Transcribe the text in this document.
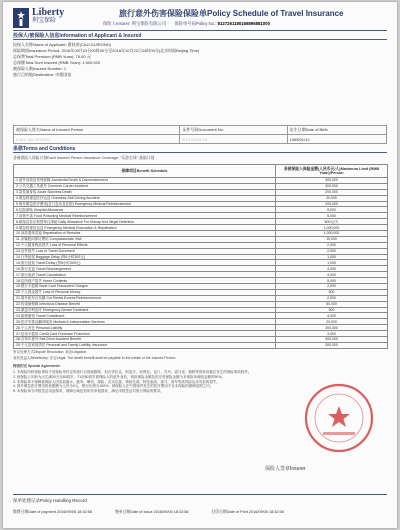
Liberty
利宝保险
旅行意外伤害保险保险单Policy Schedule of Travel Insurance
保险人Insurer: 利宝保险有限公司 保险单号码Policy No.: 8127261180168895881000
投保人/被保险人信息Information of Applicant & Insured
投保人名称Name of Applicant: 曹桂荣(CAO,GUIRONG)
保险期间Insurance Period: 2016年09月23日00时00分至2016年10月22日24时00分(北京时间Beijing Time)
总保费Total Premium (RMB Yuan): 76.00 元
总保额Total Sum Insured (RMB Yuan): 1,500,000
被保险人数Insured Number: 1
旅行目的地Destination: 申根国家
被保险人姓名Name of Insured Person	证件号码Document No.	出生日期Date of Birth
CAO GUIRONG	E12345678	1965/01/12
条款Terms and Conditions
各被保险人保险计划Each Insured Person Insurance Coverage: "乐游全球"-基础计划
保障项目Benefit Schedule	各被保险人保险金额(人民币元/人)Maximum Limit (RMB Yuan)/Person
1.意外身故及伤残保障 Accidental Death & Dismemberment	300,000
2.公共交通工具意外 Common Carrier Accident	300,000
3.急性病身故 Acute Sickness Death	200,000
4.紧急救援及医疗运送 Overseas Self-Driving Accident	20,000
5.境外紧急医疗费用(含门急诊及住院) Emergency Medical Reimbursement	200,000
6.住院津贴 Hospital Allowance	5,000
7.食物中毒 Food Poisoning Medical Reimbursement	5,000
8.绑架及非法拘禁每日津贴 Daily Allowance For Kidnap And Illegal Detention	600元/天
9.紧急救援及运送 Emergency Medical Evacuation & Repatriation	1,000,000
10.身故遗体送返 Repatriation of Remains	1,000,000
11.亲属慰问探访费用 Compassionate Visit	15,000
12.个人随身物品损失 Loss of Personal Effects	2,000
13.证件损失 Loss of Travel Document	2,000
14.行李延误 Baggage Delay (每6小时300元)	1,000
15.旅行延误 Travel Delay (每5小时300元)	1,000
16.旅行变更 Travel Rearrangement	4,000
17.旅行取消 Travel Cancellation	4,000
18.住所财产损失 Home Contents	5,000
19.银行卡盗刷 Bank Card Fraudulent Charges	2,000
20.个人现金损失 Loss of Personal Money	500
21.境外租车自负额 Car Rental Excess Reimbursement	2,000
22.传染病保障 Infectious Disease Benefit	50,000
23.紧急牙科治疗 Emergency Dental Treatment	500
24.旅程缩短 Travel Curtailment	4,000
25.医疗安排及翻译服务 Medical & Interpretation Services	20,000
26.个人责任 Personal Liability	300,000
27.信用卡盗用 Credit Card Purchase Protection	3,000
28.自驾车意外 Self-Drive Accident Benefit	300,000
29.个人及家庭责任 Personal and Family Liability Insurance	300,000
争议处理方式Dispute Resolution: 诉讼Litigation
身故受益人Beneficiary: 法定Legal. The death benefit shall be payable to the estate of the Insured Person.
特别约定 Special Agreement:
1. 本保险所称保险事故不受保险单约定的旅行目的地限制，但在伊拉克、阿富汗、叙利亚、也门、苏丹、索马里、朝鲜等国家或地区发生的保险事故除外。
2. 被保险人年龄为出生满30天至80周岁，71至80周岁被保险人的意外身故、残疾保险金额及医疗类保险金额为本保险单载明金额的50%。
3. 本保险单不保障被保险人因参加潜水、跳伞、攀岩、探险、武术比赛、摔跤比赛、特技表演、赛马、赛车等高风险运动导致的损失。
4. 境外紧急医疗费用的免赔额为人民币0元，赔付比例为100%；被保险人在中国境内发生的医疗费用不在本保险的保障范围之内。
5. 本保险单为申根签证用途保单，保障区域包括所有申根国家，满足申根签证对旅行保险的要求。
保险人签章Insurer
保单处理记录Policy Handling Record
缴费日期Date of payment 2016/09/05 18:32:58	签单日期Date of Issue 2016/09/05 18:32:58	打印日期Date of Print 2016/09/05 18:32:58
